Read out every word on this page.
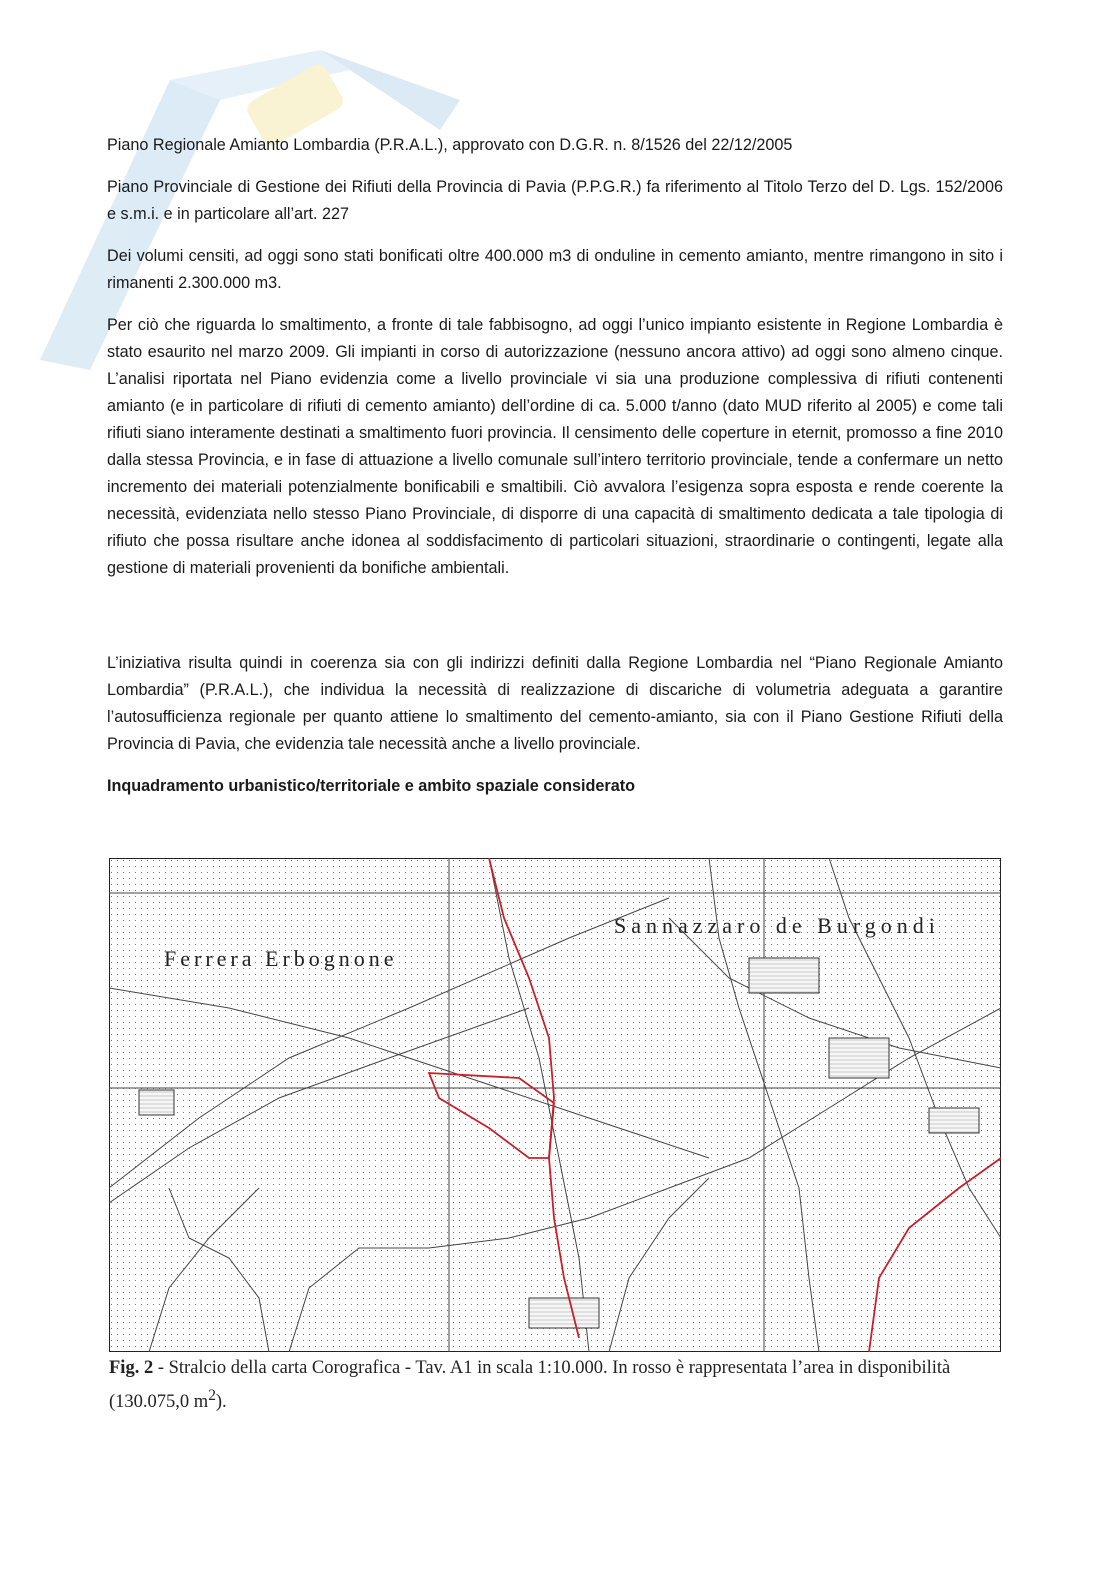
Piano Regionale Amianto Lombardia (P.R.A.L.), approvato con D.G.R. n. 8/1526 del 22/12/2005
Piano Provinciale di Gestione dei Rifiuti della Provincia di Pavia (P.P.G.R.) fa riferimento al Titolo Terzo del D. Lgs. 152/2006 e s.m.i. e in particolare all’art. 227
Dei volumi censiti, ad oggi sono stati bonificati oltre 400.000 m3 di onduline in cemento amianto, mentre rimangono in sito i rimanenti 2.300.000 m3.
Per ciò che riguarda lo smaltimento, a fronte di tale fabbisogno, ad oggi l’unico impianto esistente in Regione Lombardia è stato esaurito nel marzo 2009. Gli impianti in corso di autorizzazione (nessuno ancora attivo) ad oggi sono almeno cinque. L’analisi riportata nel Piano evidenzia come a livello provinciale vi sia una produzione complessiva di rifiuti contenenti amianto (e in particolare di rifiuti di cemento amianto) dell’ordine di ca. 5.000 t/anno (dato MUD riferito al 2005) e come tali rifiuti siano interamente destinati a smaltimento fuori provincia. Il censimento delle coperture in eternit, promosso a fine 2010 dalla stessa Provincia, e in fase di attuazione a livello comunale sull’intero territorio provinciale, tende a confermare un netto incremento dei materiali potenzialmente bonificabili e smaltibili. Ciò avvalora l’esigenza sopra esposta e rende coerente la necessità, evidenziata nello stesso Piano Provinciale, di disporre di una capacità di smaltimento dedicata a tale tipologia di rifiuto che possa risultare anche idonea al soddisfacimento di particolari situazioni, straordinarie o contingenti, legate alla gestione di materiali provenienti da bonifiche ambientali.
L’iniziativa risulta quindi in coerenza sia con gli indirizzi definiti dalla Regione Lombardia nel “Piano Regionale Amianto Lombardia” (P.R.A.L.), che individua la necessità di realizzazione di discariche di volumetria adeguata a garantire l’autosufficienza regionale per quanto attiene lo smaltimento del cemento-amianto, sia con il Piano Gestione Rifiuti della Provincia di Pavia, che evidenzia tale necessità anche a livello provinciale.
Inquadramento urbanistico/territoriale e ambito spaziale considerato
Sannazzaro de Burgondi
Ferrera Erbognone
Fig. 2 - Stralcio della carta Corografica - Tav. A1 in scala 1:10.000. In rosso è rappresentata l’area in disponibilità (130.075,0 $m^2$).
